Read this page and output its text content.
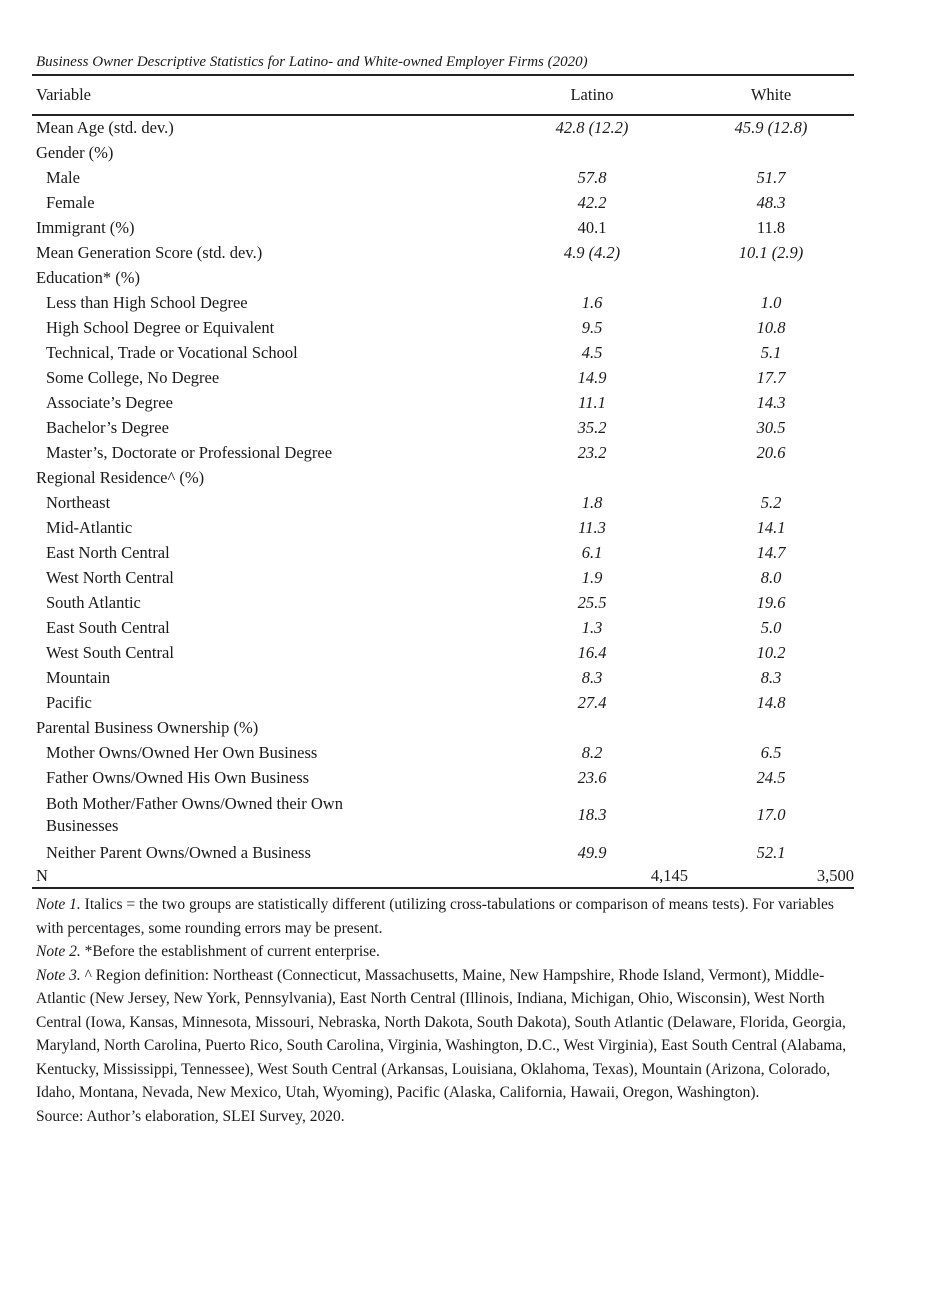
Business Owner Descriptive Statistics for Latino- and White-owned Employer Firms (2020)
Variable	Latino	White
Mean Age (std. dev.)	42.8 (12.2)	45.9 (12.8)
Gender (%)		
Male	57.8	51.7
Female	42.2	48.3
Immigrant (%)	40.1	11.8
Mean Generation Score (std. dev.)	4.9 (4.2)	10.1 (2.9)
Education* (%)		
Less than High School Degree	1.6	1.0
High School Degree or Equivalent	9.5	10.8
Technical, Trade or Vocational School	4.5	5.1
Some College, No Degree	14.9	17.7
Associate’s Degree	11.1	14.3
Bachelor’s Degree	35.2	30.5
Master’s, Doctorate or Professional Degree	23.2	20.6
Regional Residence^ (%)		
Northeast	1.8	5.2
Mid-Atlantic	11.3	14.1
East North Central	6.1	14.7
West North Central	1.9	8.0
South Atlantic	25.5	19.6
East South Central	1.3	5.0
West South Central	16.4	10.2
Mountain	8.3	8.3
Pacific	27.4	14.8
Parental Business Ownership (%)		
Mother Owns/Owned Her Own Business	8.2	6.5
Father Owns/Owned His Own Business	23.6	24.5
Both Mother/Father Owns/Owned their Own Businesses	18.3	17.0
Neither Parent Owns/Owned a Business	49.9	52.1
N	4,145	3,500

Note 1. Italics = the two groups are statistically different (utilizing cross-tabulations or comparison of means tests). For variables with percentages, some rounding errors may be present.

Note 2. *Before the establishment of current enterprise.

Note 3. ^ Region definition: Northeast (Connecticut, Massachusetts, Maine, New Hampshire, Rhode Island, Vermont), Middle-Atlantic (New Jersey, New York, Pennsylvania), East North Central (Illinois, Indiana, Michigan, Ohio, Wisconsin), West North Central (Iowa, Kansas, Minnesota, Missouri, Nebraska, North Dakota, South Dakota), South Atlantic (Delaware, Florida, Georgia, Maryland, North Carolina, Puerto Rico, South Carolina, Virginia, Washington, D.C., West Virginia), East South Central (Alabama, Kentucky, Mississippi, Tennessee), West South Central (Arkansas, Louisiana, Oklahoma, Texas), Mountain (Arizona, Colorado, Idaho, Montana, Nevada, New Mexico, Utah, Wyoming), Pacific (Alaska, California, Hawaii, Oregon, Washington).

Source: Author’s elaboration, SLEI Survey, 2020.
